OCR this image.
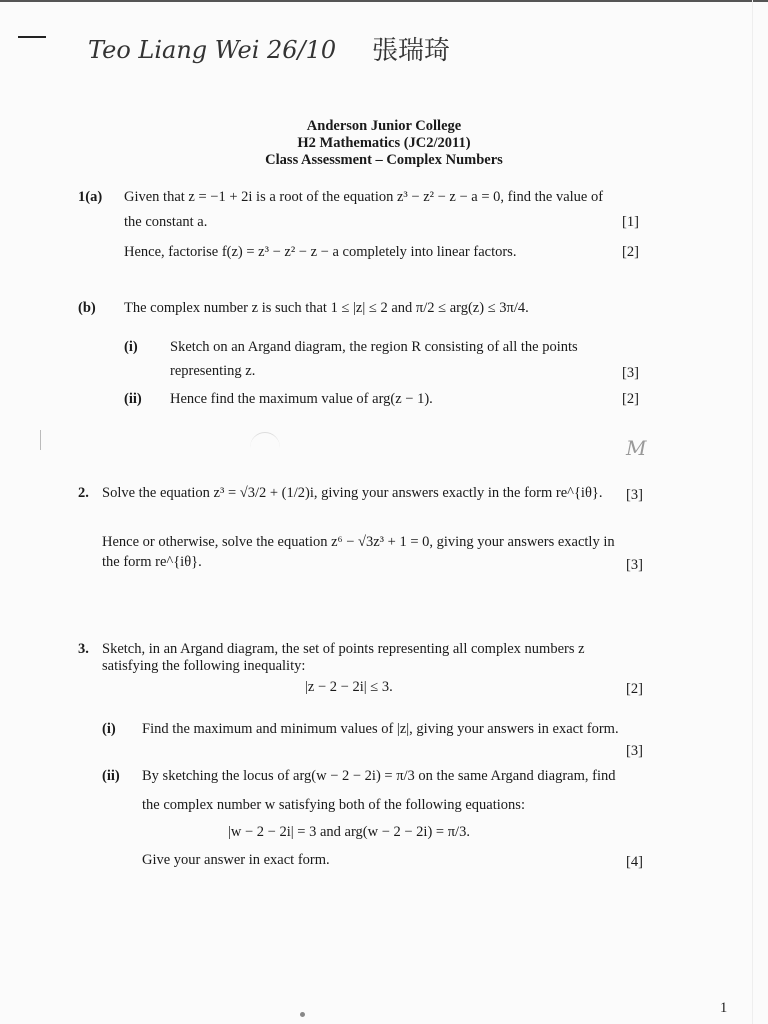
Teo Liang Wei 26/10 張瑞琦
M
Anderson Junior College
H2 Mathematics (JC2/2011)
Class Assessment – Complex Numbers
1(a) Given that z = −1 + 2i is a root of the equation z³ − z² − z − a = 0, find the value of
the constant a.	[1]
Hence, factorise f(z) = z³ − z² − z − a completely into linear factors.	[2]
(b) The complex number z is such that 1 ≤ |z| ≤ 2 and π/2 ≤ arg(z) ≤ 3π/4.
(i) Sketch on an Argand diagram, the region R consisting of all the points
representing z.	[3]
(ii) Hence find the maximum value of arg(z − 1).	[2]
2. Solve the equation z³ = √3/2 + (1/2)i, giving your answers exactly in the form re^{iθ}. [3]
Hence or otherwise, solve the equation z⁶ − √3z³ + 1 = 0, giving your answers exactly in
the form re^{iθ}.	[3]
3. Sketch, in an Argand diagram, the set of points representing all complex numbers z
satisfying the following inequality:
|z − 2 − 2i| ≤ 3.	[2]
(i) Find the maximum and minimum values of |z|, giving your answers in exact form.
[3]
(ii) By sketching the locus of arg(w − 2 − 2i) = π/3 on the same Argand diagram, find
the complex number w satisfying both of the following equations:
|w − 2 − 2i| = 3 and arg(w − 2 − 2i) = π/3.
Give your answer in exact form.	[4]
1
